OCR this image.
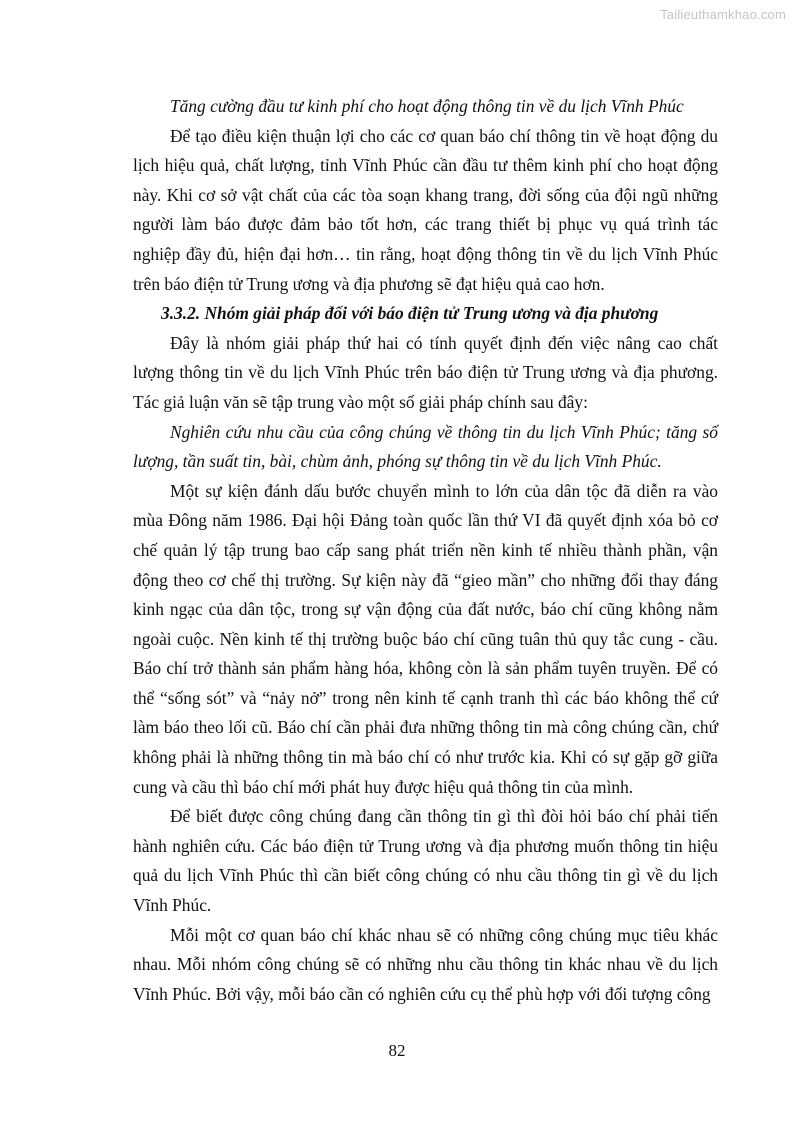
Tailieuthamkhao.com

Tăng cường đầu tư kinh phí cho hoạt động thông tin về du lịch Vĩnh Phúc

Để tạo điều kiện thuận lợi cho các cơ quan báo chí thông tin về hoạt động du lịch hiệu quả, chất lượng, tỉnh Vĩnh Phúc cần đầu tư thêm kinh phí cho hoạt động này. Khi cơ sở vật chất của các tòa soạn khang trang, đời sống của đội ngũ những người làm báo được đảm bảo tốt hơn, các trang thiết bị phục vụ quá trình tác nghiệp đầy đủ, hiện đại hơn… tin rằng, hoạt động thông tin về du lịch Vĩnh Phúc trên báo điện tử Trung ương và địa phương sẽ đạt hiệu quả cao hơn.

3.3.2. Nhóm giải pháp đối với báo điện tử Trung ương và địa phương

Đây là nhóm giải pháp thứ hai có tính quyết định đến việc nâng cao chất lượng thông tin về du lịch Vĩnh Phúc trên báo điện tử Trung ương và địa phương. Tác giả luận văn sẽ tập trung vào một số giải pháp chính sau đây:

Nghiên cứu nhu cầu của công chúng về thông tin du lịch Vĩnh Phúc; tăng số lượng, tần suất tin, bài, chùm ảnh, phóng sự thông tin về du lịch Vĩnh Phúc.

Một sự kiện đánh dấu bước chuyển mình to lớn của dân tộc đã diễn ra vào mùa Đông năm 1986. Đại hội Đảng toàn quốc lần thứ VI đã quyết định xóa bỏ cơ chế quản lý tập trung bao cấp sang phát triển nền kinh tế nhiều thành phần, vận động theo cơ chế thị trường. Sự kiện này đã “gieo mần” cho những đổi thay đáng kinh ngạc của dân tộc, trong sự vận động của đất nước, báo chí cũng không nằm ngoài cuộc. Nền kinh tế thị trường buộc báo chí cũng tuân thủ quy tắc cung - cầu. Báo chí trở thành sản phẩm hàng hóa, không còn là sản phẩm tuyên truyền. Để có thể “sống sót” và “nảy nở” trong nên kinh tế cạnh tranh thì các báo không thể cứ làm báo theo lối cũ. Báo chí cần phải đưa những thông tin mà công chúng cần, chứ không phải là những thông tin mà báo chí có như trước kia. Khi có sự gặp gỡ giữa cung và cầu thì báo chí mới phát huy được hiệu quả thông tin của mình.

Để biết được công chúng đang cần thông tin gì thì đòi hỏi báo chí phải tiến hành nghiên cứu. Các báo điện tử Trung ương và địa phương muốn thông tin hiệu quả du lịch Vĩnh Phúc thì cần biết công chúng có nhu cầu thông tin gì về du lịch Vĩnh Phúc.

Mỗi một cơ quan báo chí khác nhau sẽ có những công chúng mục tiêu khác nhau. Mỗi nhóm công chúng sẽ có những nhu cầu thông tin khác nhau về du lịch Vĩnh Phúc. Bởi vậy, mỗi báo cần có nghiên cứu cụ thể phù hợp với đối tượng công

82
